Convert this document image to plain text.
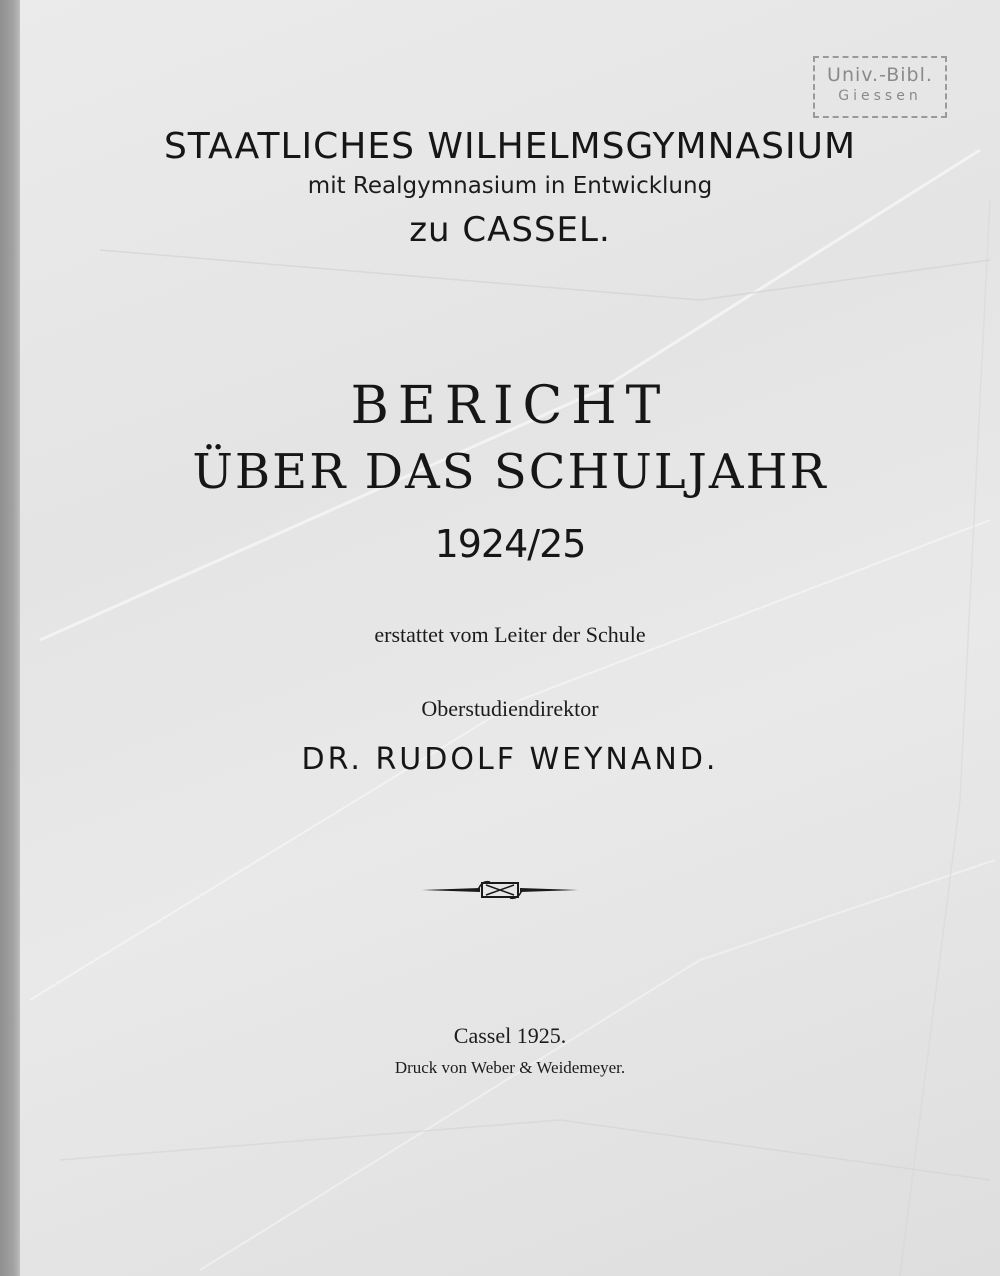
Univ.-Bibl.
Giessen
STAATLICHES WILHELMSGYMNASIUM
mit Realgymnasium in Entwicklung
zu CASSEL.
BERICHT
ÜBER DAS SCHULJAHR
1924/25
erstattet vom Leiter der Schule
Oberstudiendirektor
DR. RUDOLF WEYNAND.
Cassel 1925.
Druck von Weber & Weidemeyer.
